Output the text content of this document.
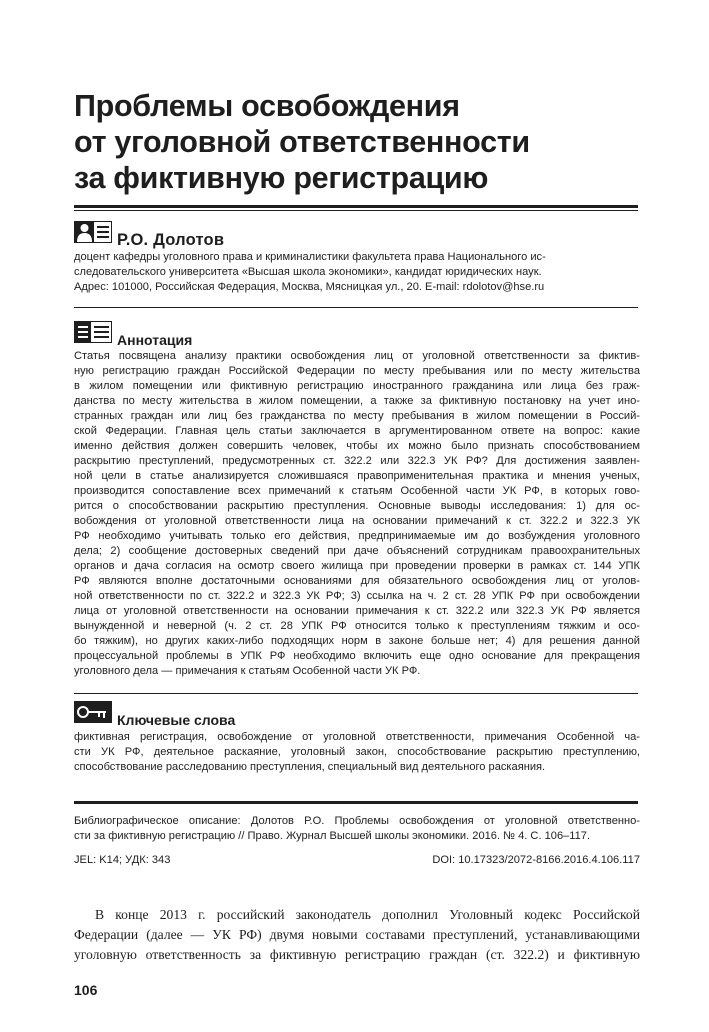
Проблемы освобождения
от уголовной ответственности
за фиктивную регистрацию
Р.О. Долотов
доцент кафедры уголовного права и криминалистики факультета права Национального ис-
следовательского университета «Высшая школа экономики», кандидат юридических наук.
Адрес: 101000, Российская Федерация, Москва, Мясницкая ул., 20. E-mail: rdolotov@hse.ru
Аннотация
Статья посвящена анализу практики освобождения лиц от уголовной ответственности за фиктив-
ную регистрацию граждан Российской Федерации по месту пребывания или по месту жительства
в жилом помещении или фиктивную регистрацию иностранного гражданина или лица без граж-
данства по месту жительства в жилом помещении, а также за фиктивную постановку на учет ино-
странных граждан или лиц без гражданства по месту пребывания в жилом помещении в Россий-
ской Федерации. Главная цель статьи заключается в аргументированном ответе на вопрос: какие
именно действия должен совершить человек, чтобы их можно было признать способствованием
раскрытию преступлений, предусмотренных ст. 322.2 или 322.3 УК РФ? Для достижения заявлен-
ной цели в статье анализируется сложившаяся правоприменительная практика и мнения ученых,
производится сопоставление всех примечаний к статьям Особенной части УК РФ, в которых гово-
рится о способствовании раскрытию преступления. Основные выводы исследования: 1) для ос-
вобождения от уголовной ответственности лица на основании примечаний к ст. 322.2 и 322.3 УК
РФ необходимо учитывать только его действия, предпринимаемые им до возбуждения уголовного
дела; 2) сообщение достоверных сведений при даче объяснений сотрудникам правоохранительных
органов и дача согласия на осмотр своего жилища при проведении проверки в рамках ст. 144 УПК
РФ являются вполне достаточными основаниями для обязательного освобождения лиц от уголов-
ной ответственности по ст. 322.2 и 322.3 УК РФ; 3) ссылка на ч. 2 ст. 28 УПК РФ при освобождении
лица от уголовной ответственности на основании примечания к ст. 322.2 или 322.3 УК РФ является
вынужденной и неверной (ч. 2 ст. 28 УПК РФ относится только к преступлениям тяжким и осо-
бо тяжким), но других каких-либо подходящих норм в законе больше нет; 4) для решения данной
процессуальной проблемы в УПК РФ необходимо включить еще одно основание для прекращения
уголовного дела — примечания к статьям Особенной части УК РФ.
Ключевые слова
фиктивная регистрация, освобождение от уголовной ответственности, примечания Особенной ча-
сти УК РФ, деятельное раскаяние, уголовный закон, способствование раскрытию преступлению,
способствование расследованию преступления, специальный вид деятельного раскаяния.
Библиографическое описание: Долотов Р.О. Проблемы освобождения от уголовной ответственно-
сти за фиктивную регистрацию // Право. Журнал Высшей школы экономики. 2016. № 4. С. 106–117.
JEL: K14; УДК: 343	DOI: 10.17323/2072-8166.2016.4.106.117
В конце 2013 г. российский законодатель дополнил Уголовный кодекс Российской
Федерации (далее — УК РФ) двумя новыми составами преступлений, устанавливающими
уголовную ответственность за фиктивную регистрацию граждан (ст. 322.2) и фиктивную
106
